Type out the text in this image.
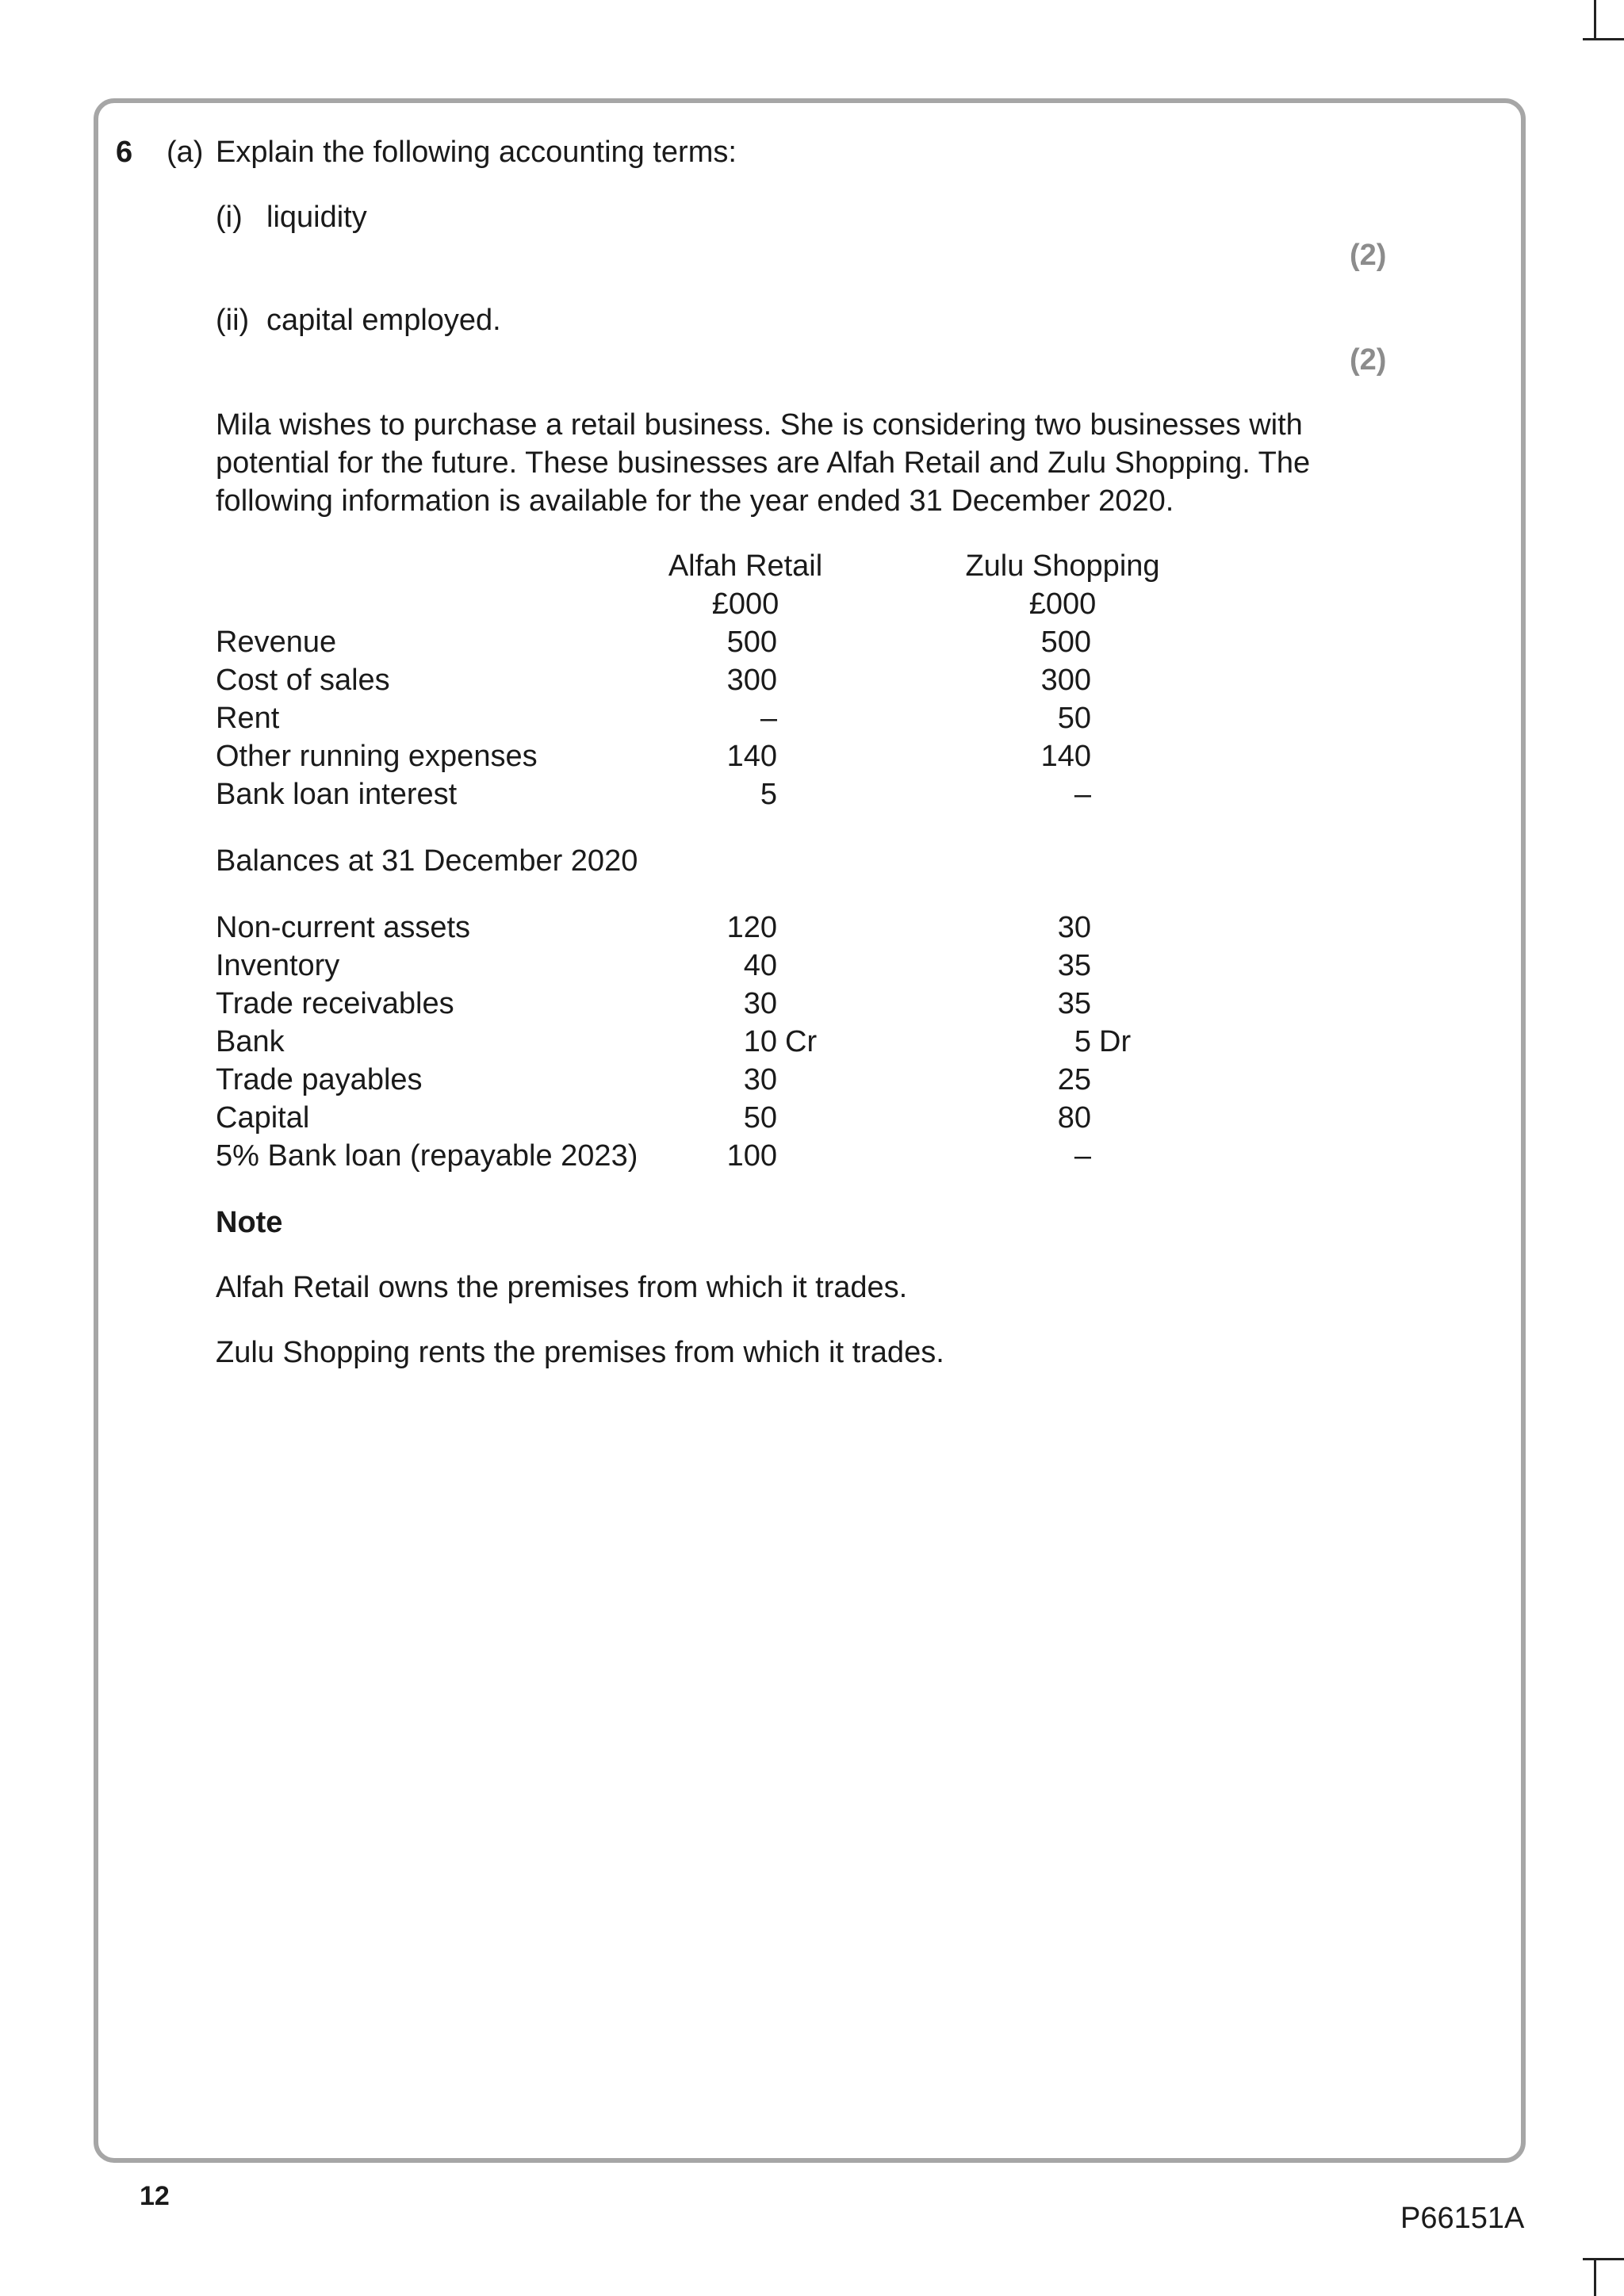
6 (a) Explain the following accounting terms:
(i) liquidity
(2)
(ii) capital employed.
(2)
Mila wishes to purchase a retail business. She is considering two businesses with
potential for the future. These businesses are Alfah Retail and Zulu Shopping. The
following information is available for the year ended 31 December 2020.
Alfah Retail	Zulu Shopping
£000	£000
Revenue	500	500
Cost of sales	300	300
Rent	–	50
Other running expenses	140	140
Bank loan interest	5	–
Balances at 31 December 2020
Non-current assets	120	30
Inventory	40	35
Trade receivables	30	35
Bank	10 Cr	5 Dr
Trade payables	30	25
Capital	50	80
5% Bank loan (repayable 2023)	100	–
Note
Alfah Retail owns the premises from which it trades.
Zulu Shopping rents the premises from which it trades.
12
P66151A
